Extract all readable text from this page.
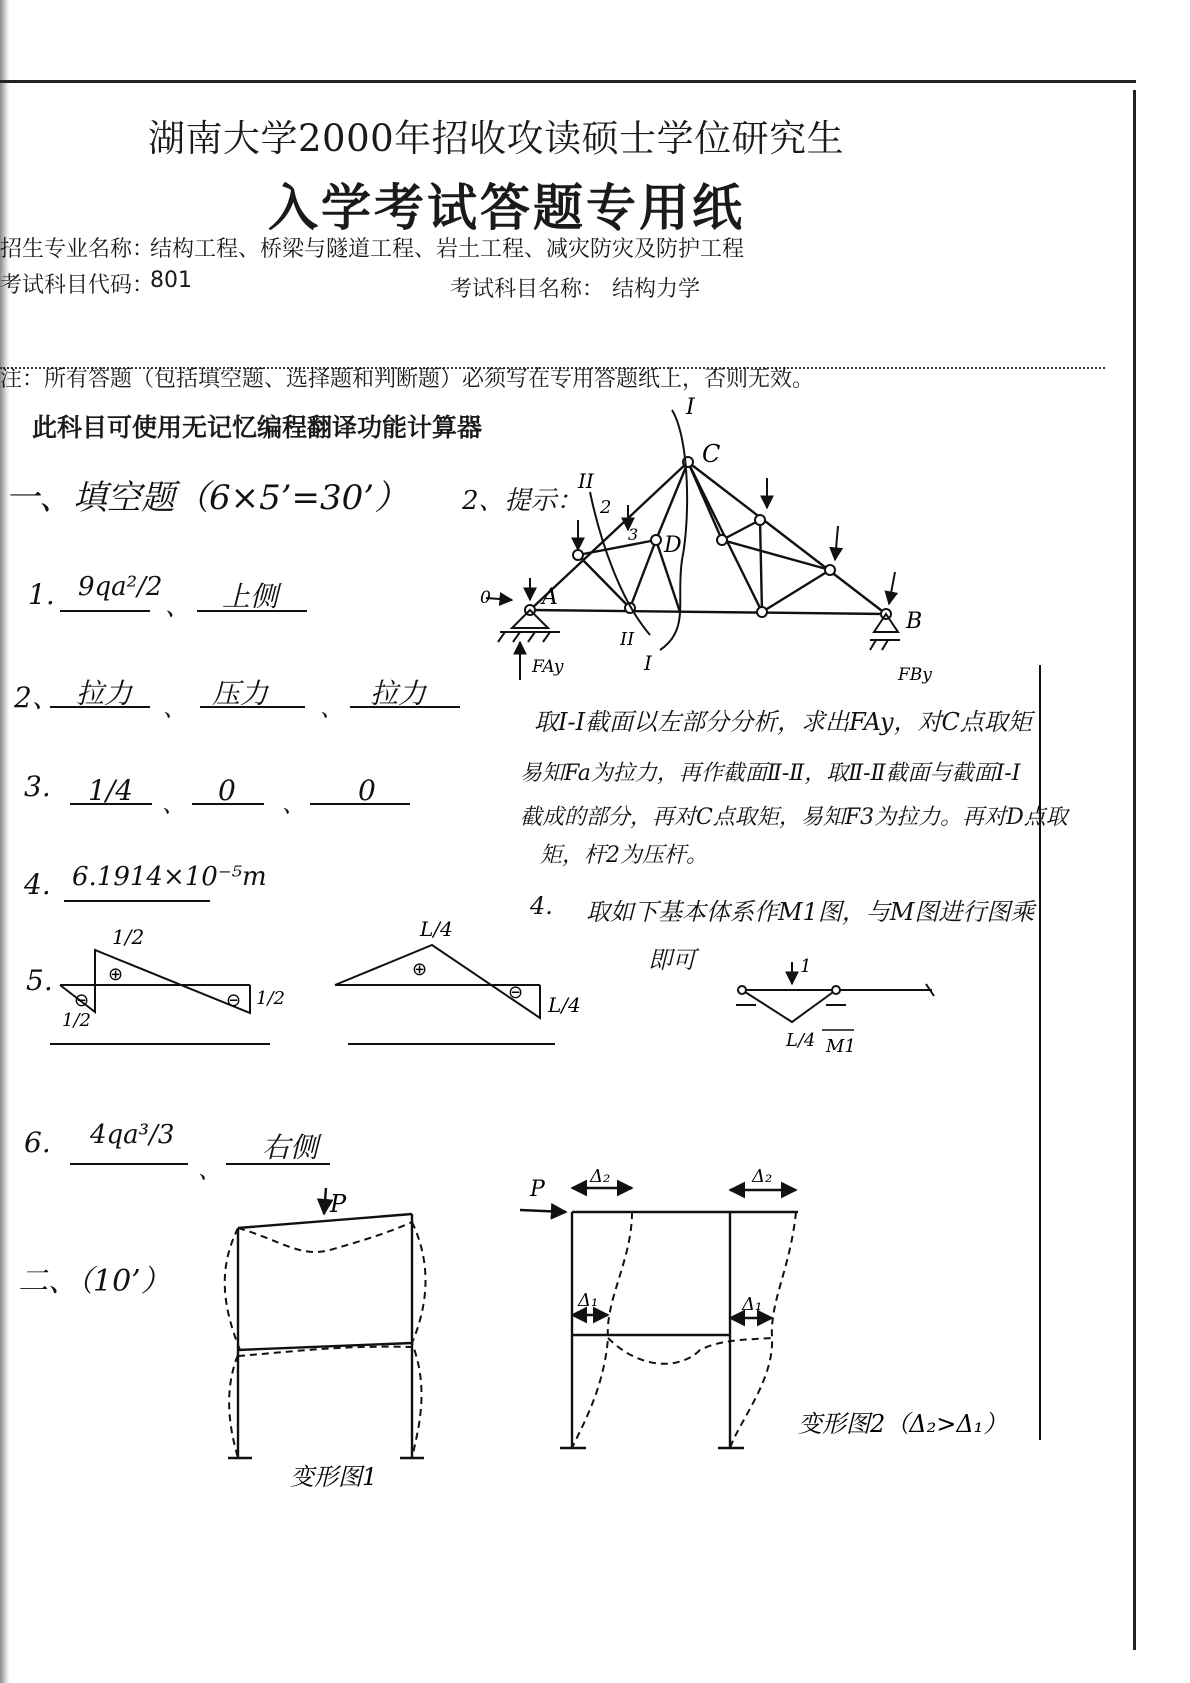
湖南大学2000年招收攻读硕士学位研究生
入学考试答题专用纸
招生专业名称：
结构工程、桥梁与隧道工程、岩土工程、减灾防灾及防护工程
考试科目代码：
801	考试科目名称： 结构力学
注：所有答题（包括填空题、选择题和判断题）必须写在专用答题纸上，否则无效。
此科目可使用无记忆编程翻译功能计算器
一、填空题（6×5’=30’）
1. 9qa²/2
、 上侧
2、 拉力 、 压力 、 拉力
3. 1/4 、 0 、 0
4. 6.1914×10⁻⁵m
5.
6. 4qa³/3
、
右侧
二、（10’）
2、提示：
取Ⅰ-Ⅰ截面以左部分分析，求出FAy，对C点取矩
易知Fa为拉力，再作截面Ⅱ-Ⅱ，取Ⅱ-Ⅱ截面与截面Ⅰ-Ⅰ
截成的部分，再对C点取矩，易知F3为拉力。再对D点取
矩，杆2为压杆。
4. 取如下基本体系作M1图，与M图进行图乘
即可
1/2
1/2
1/2
⊕
⊖	⊖
L/4
L/4
⊕
⊖
I
II
C
D
A
B
2
3
I
II
FAy	FBy
0
1
L/4 M1
P
变形图1
P
Δ₂	Δ₂
Δ₁	Δ₁
变形图2（Δ₂>Δ₁）
